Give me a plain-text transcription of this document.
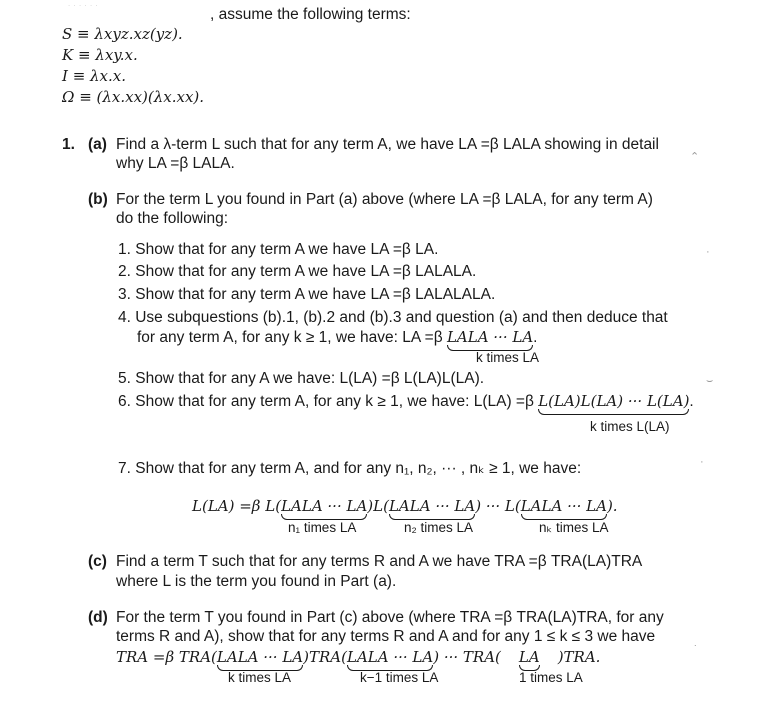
, assume the following terms:
˙ ˙ ˙ ˙ ˙ ˙
S ≡ λxyz.xz(yz).
K ≡ λxy.x.
I ≡ λx.x.
Ω ≡ (λx.xx)(λx.xx).
1. (a) Find a λ-term L such that for any term A, we have LA =β LALA showing in detail
why LA =β LALA.
(b) For the term L you found in Part (a) above (where LA =β LALA, for any term A)
do the following:
1. Show that for any term A we have LA =β LA.
2. Show that for any term A we have LA =β LALALA.
3. Show that for any term A we have LA =β LALALALA.
4. Use subquestions (b).1, (b).2 and (b).3 and question (a) and then deduce that
for any term A, for any k ≥ 1, we have: LA =β LALA ··· LA.
k times LA
5. Show that for any A we have: L(LA) =β L(LA)L(LA).
6. Show that for any term A, for any k ≥ 1, we have: L(LA) =β L(LA)L(LA) ··· L(LA).
k times L(LA)
7. Show that for any term A, and for any n₁, n₂, ··· , nₖ ≥ 1, we have:
L(LA) =β L(LALA ··· LA)L(LALA ··· LA) ··· L(LALA ··· LA).
n₁ times LA	n₂ times LA	nₖ times LA
(c) Find a term T such that for any terms R and A we have TRA =β TRA(LA)TRA
where L is the term you found in Part (a).
(d) For the term T you found in Part (c) above (where TRA =β TRA(LA)TRA, for any
terms R and A), show that for any terms R and A and for any 1 ≤ k ≤ 3 we have
TRA =β TRA(LALA ··· LA)TRA(LALA ··· LA) ··· TRA( LA )TRA.
k times LA	k−1 times LA	1 times LA
⌃
·
⌣
·
˙
